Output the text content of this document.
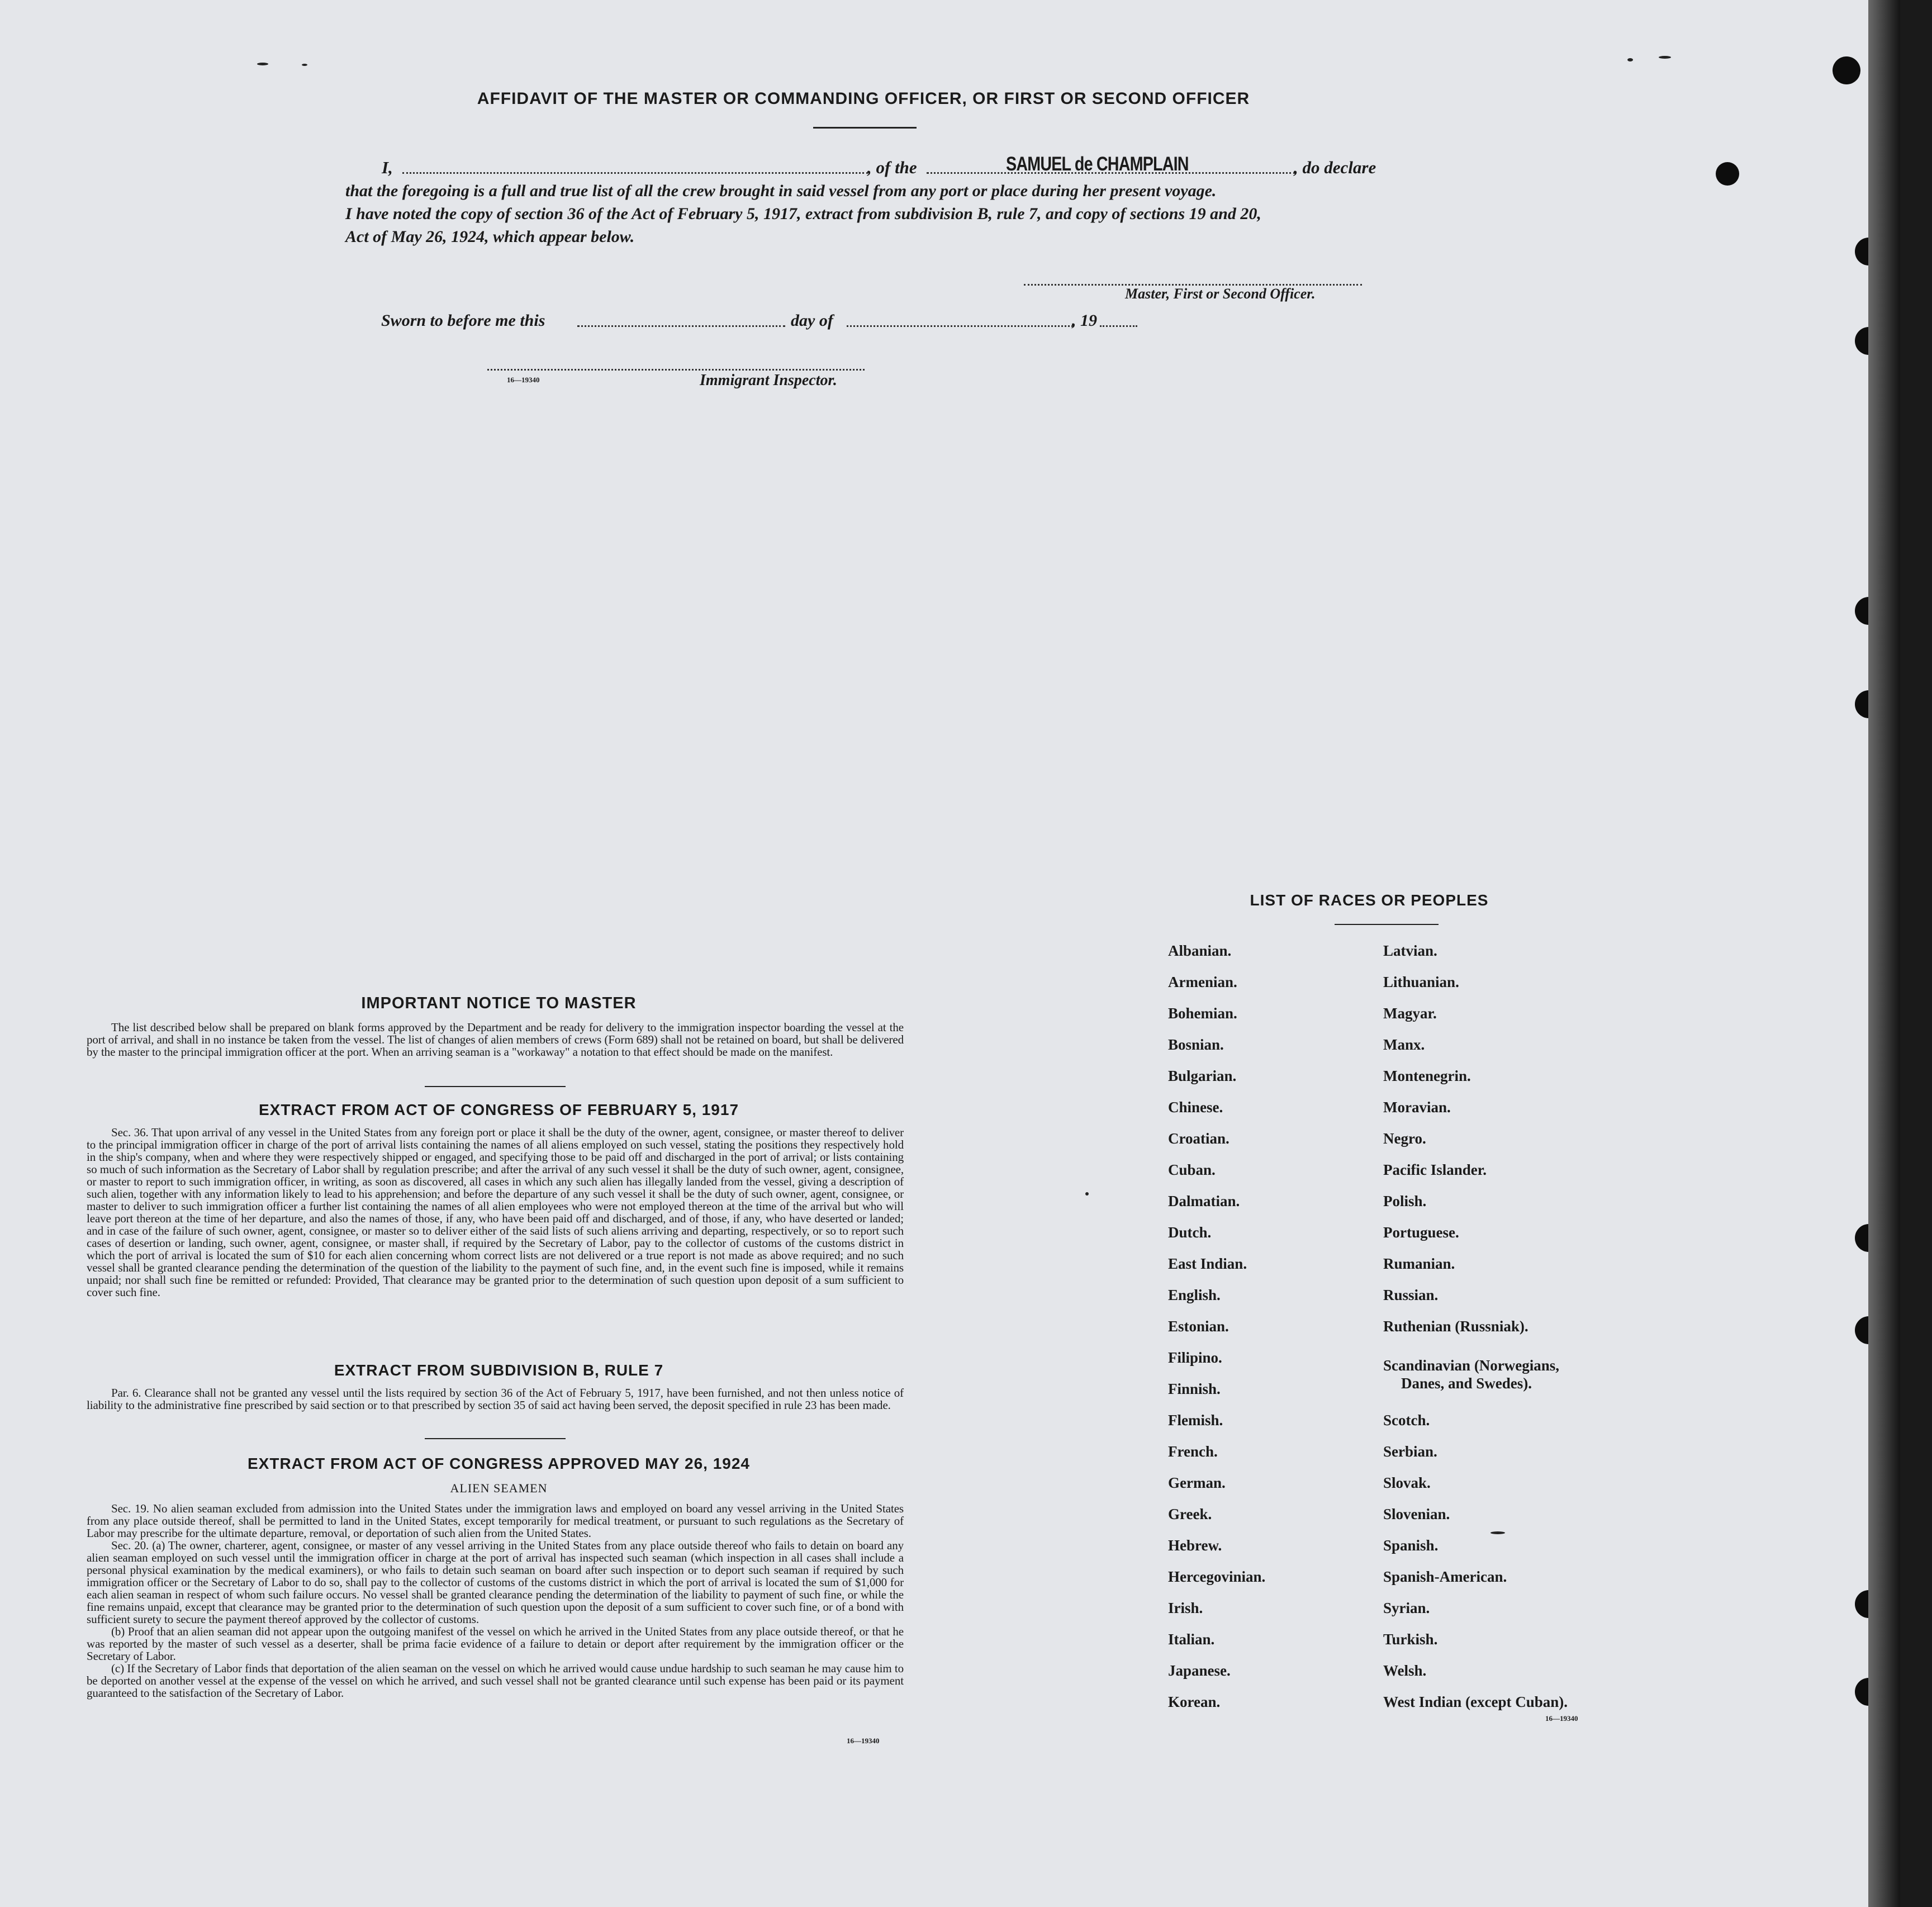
AFFIDAVIT OF THE MASTER OR COMMANDING OFFICER, OR FIRST OR SECOND OFFICER
I,	, of the	SAMUEL de CHAMPLAIN	, do declare
that the foregoing is a full and true list of all the crew brought in said vessel from any port or place during her present voyage.
I have noted the copy of section 36 of the Act of February 5, 1917, extract from subdivision B, rule 7, and copy of sections 19 and 20,
Act of May 26, 1924, which appear below.
Master, First or Second Officer.
Sworn to before me this	day of	, 19
16—19340	Immigrant Inspector.
IMPORTANT NOTICE TO MASTER

The list described below shall be prepared on blank forms approved by the Department and be ready for delivery to the immigration inspector boarding the vessel at the port of arrival, and shall in no instance be taken from the vessel. The list of changes of alien members of crews (Form 689) shall not be retained on board, but shall be delivered by the master to the principal immigration officer at the port. When an arriving seaman is a "workaway" a notation to that effect should be made on the manifest.

EXTRACT FROM ACT OF CONGRESS OF FEBRUARY 5, 1917

Sec. 36. That upon arrival of any vessel in the United States from any foreign port or place it shall be the duty of the owner, agent, consignee, or master thereof to deliver to the principal immigration officer in charge of the port of arrival lists containing the names of all aliens employed on such vessel, stating the positions they respectively hold in the ship's company, when and where they were respectively shipped or engaged, and specifying those to be paid off and discharged in the port of arrival; or lists containing so much of such information as the Secretary of Labor shall by regulation prescribe; and after the arrival of any such vessel it shall be the duty of such owner, agent, consignee, or master to report to such immigration officer, in writing, as soon as discovered, all cases in which any such alien has illegally landed from the vessel, giving a description of such alien, together with any information likely to lead to his apprehension; and before the departure of any such vessel it shall be the duty of such owner, agent, consignee, or master to deliver to such immigration officer a further list containing the names of all alien employees who were not employed thereon at the time of the arrival but who will leave port thereon at the time of her departure, and also the names of those, if any, who have been paid off and discharged, and of those, if any, who have deserted or landed; and in case of the failure of such owner, agent, consignee, or master so to deliver either of the said lists of such aliens arriving and departing, respectively, or so to report such cases of desertion or landing, such owner, agent, consignee, or master shall, if required by the Secretary of Labor, pay to the collector of customs of the customs district in which the port of arrival is located the sum of $10 for each alien concerning whom correct lists are not delivered or a true report is not made as above required; and no such vessel shall be granted clearance pending the determination of the question of the liability to the payment of such fine, and, in the event such fine is imposed, while it remains unpaid; nor shall such fine be remitted or refunded: Provided, That clearance may be granted prior to the determination of such question upon deposit of a sum sufficient to cover such fine.

EXTRACT FROM SUBDIVISION B, RULE 7

Par. 6. Clearance shall not be granted any vessel until the lists required by section 36 of the Act of February 5, 1917, have been furnished, and not then unless notice of liability to the administrative fine prescribed by said section or to that prescribed by section 35 of said act having been served, the deposit specified in rule 23 has been made.

EXTRACT FROM ACT OF CONGRESS APPROVED MAY 26, 1924
ALIEN SEAMEN

Sec. 19. No alien seaman excluded from admission into the United States under the immigration laws and employed on board any vessel arriving in the United States from any place outside thereof, shall be permitted to land in the United States, except temporarily for medical treatment, or pursuant to such regulations as the Secretary of Labor may prescribe for the ultimate departure, removal, or deportation of such alien from the United States.

Sec. 20. (a) The owner, charterer, agent, consignee, or master of any vessel arriving in the United States from any place outside thereof who fails to detain on board any alien seaman employed on such vessel until the immigration officer in charge at the port of arrival has inspected such seaman (which inspection in all cases shall include a personal physical examination by the medical examiners), or who fails to detain such seaman on board after such inspection or to deport such seaman if required by such immigration officer or the Secretary of Labor to do so, shall pay to the collector of customs of the customs district in which the port of arrival is located the sum of $1,000 for each alien seaman in respect of whom such failure occurs. No vessel shall be granted clearance pending the determination of the liability to payment of such fine, or while the fine remains unpaid, except that clearance may be granted prior to the determination of such question upon the deposit of a sum sufficient to cover such fine, or of a bond with sufficient surety to secure the payment thereof approved by the collector of customs.

(b) Proof that an alien seaman did not appear upon the outgoing manifest of the vessel on which he arrived in the United States from any place outside thereof, or that he was reported by the master of such vessel as a deserter, shall be prima facie evidence of a failure to detain or deport after requirement by the immigration officer or the Secretary of Labor.

(c) If the Secretary of Labor finds that deportation of the alien seaman on the vessel on which he arrived would cause undue hardship to such seaman he may cause him to be deported on another vessel at the expense of the vessel on which he arrived, and such vessel shall not be granted clearance until such expense has been paid or its payment guaranteed to the satisfaction of the Secretary of Labor.

16—19340
LIST OF RACES OR PEOPLES
16—19340
Albanian.
Armenian.
Bohemian.
Bosnian.
Bulgarian.
Chinese.
Croatian.
Cuban.
Dalmatian.
Dutch.
East Indian.
English.
Estonian.
Filipino.
Finnish.
Flemish.
French.
German.
Greek.
Hebrew.
Hercegovinian.
Irish.
Italian.
Japanese.
Korean.
Latvian.
Lithuanian.
Magyar.
Manx.
Montenegrin.
Moravian.
Negro.
Pacific Islander.
Polish.
Portuguese.
Rumanian.
Russian.
Ruthenian (Russniak).
Scandinavian (Norwegians,
Danes, and Swedes).
Scotch.
Serbian.
Slovak.
Slovenian.
Spanish.
Spanish-American.
Syrian.
Turkish.
Welsh.
West Indian (except Cuban).
